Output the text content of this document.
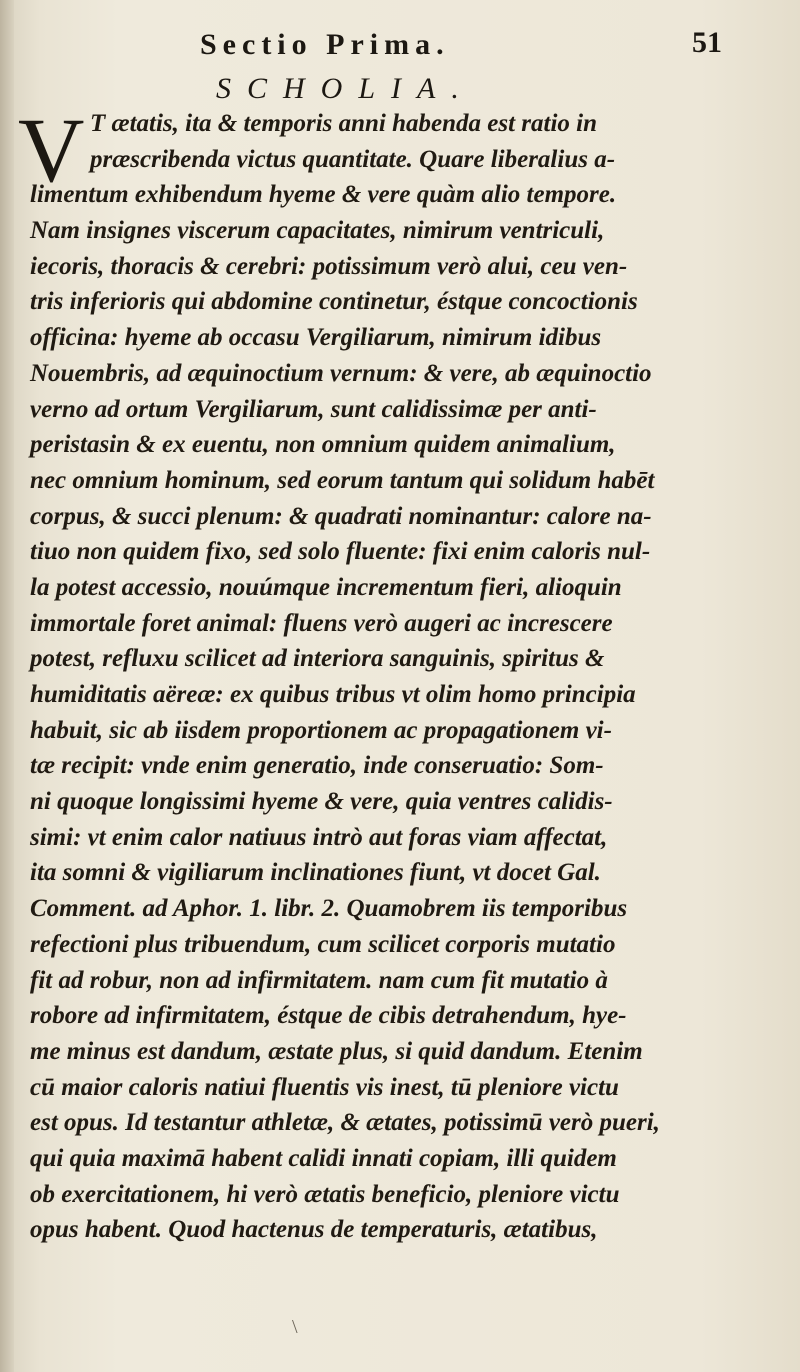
Sectio Prima.	51
SCHOLIA.
V T ætatis, ita & temporis anni habenda est ratio in
præscribenda victus quantitate. Quare liberalius a-
limentum exhibendum hyeme & vere quàm alio tempore.
Nam insignes viscerum capacitates, nimirum ventriculi,
iecoris, thoracis & cerebri: potissimum verò alui, ceu ven-
tris inferioris qui abdomine continetur, éstque concoctionis
officina: hyeme ab occasu Vergiliarum, nimirum idibus
Nouembris, ad æquinoctium vernum: & vere, ab æquinoctio
verno ad ortum Vergiliarum, sunt calidissimæ per anti-
peristasin & ex euentu, non omnium quidem animalium,
nec omnium hominum, sed eorum tantum qui solidum habēt
corpus, & succi plenum: & quadrati nominantur: calore na-
tiuo non quidem fixo, sed solo fluente: fixi enim caloris nul-
la potest accessio, nouúmque incrementum fieri, alioquin
immortale foret animal: fluens verò augeri ac increscere
potest, refluxu scilicet ad interiora sanguinis, spiritus &
humiditatis aëreæ: ex quibus tribus vt olim homo principia
habuit, sic ab iisdem proportionem ac propagationem vi-
tæ recipit: vnde enim generatio, inde conseruatio: Som-
ni quoque longissimi hyeme & vere, quia ventres calidis-
simi: vt enim calor natiuus intrò aut foras viam affectat,
ita somni & vigiliarum inclinationes fiunt, vt docet Gal.
Comment. ad Aphor. 1. libr. 2. Quamobrem iis temporibus
refectioni plus tribuendum, cum scilicet corporis mutatio
fit ad robur, non ad infirmitatem. nam cum fit mutatio à
robore ad infirmitatem, éstque de cibis detrahendum, hye-
me minus est dandum, æstate plus, si quid dandum. Etenim
cū maior caloris natiui fluentis vis inest, tū pleniore victu
est opus. Id testantur athletæ, & ætates, potissimū verò pueri,
qui quia maximā habent calidi innati copiam, illi quidem
ob exercitationem, hi verò ætatis beneficio, pleniore victu
opus habent. Quod hactenus de temperaturis, ætatibus,
\
